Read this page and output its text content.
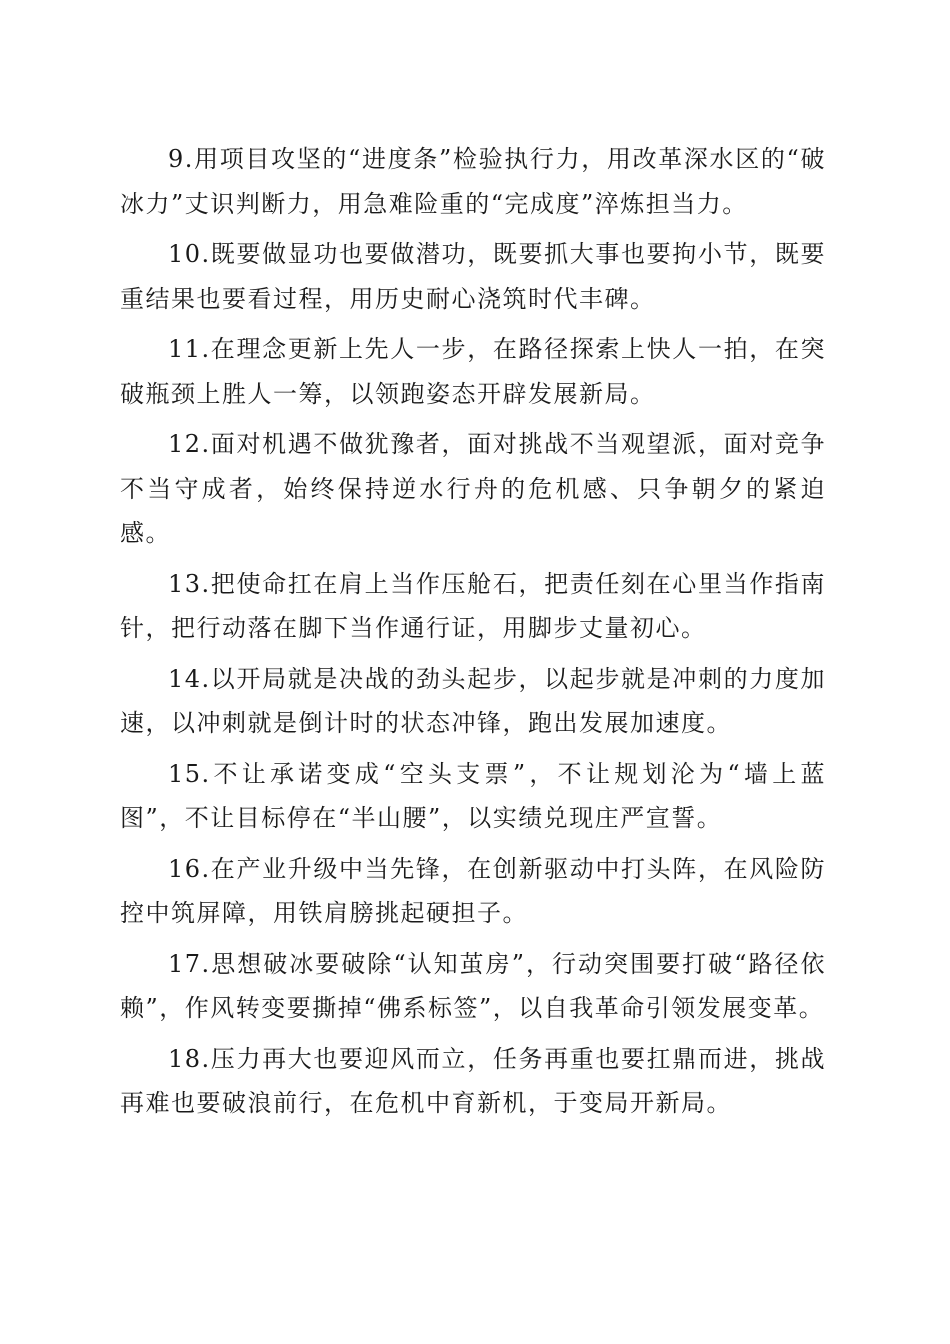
9.用项目攻坚的“进度条”检验执行力，用改革深水区的“破冰力”丈识判断力，用急难险重的“完成度”淬炼担当力。

10.既要做显功也要做潜功，既要抓大事也要拘小节，既要重结果也要看过程，用历史耐心浇筑时代丰碑。

11.在理念更新上先人一步，在路径探索上快人一拍，在突破瓶颈上胜人一筹，以领跑姿态开辟发展新局。

12.面对机遇不做犹豫者，面对挑战不当观望派，面对竞争不当守成者，始终保持逆水行舟的危机感、只争朝夕的紧迫感。

13.把使命扛在肩上当作压舱石，把责任刻在心里当作指南针，把行动落在脚下当作通行证，用脚步丈量初心。

14.以开局就是决战的劲头起步，以起步就是冲刺的力度加速，以冲刺就是倒计时的状态冲锋，跑出发展加速度。

15.不让承诺变成“空头支票”，不让规划沦为“墙上蓝图”，不让目标停在“半山腰”，以实绩兑现庄严宣誓。

16.在产业升级中当先锋，在创新驱动中打头阵，在风险防控中筑屏障，用铁肩膀挑起硬担子。

17.思想破冰要破除“认知茧房”，行动突围要打破“路径依赖”，作风转变要撕掉“佛系标签”，以自我革命引领发展变革。

18.压力再大也要迎风而立，任务再重也要扛鼎而进，挑战再难也要破浪前行，在危机中育新机，于变局开新局。
